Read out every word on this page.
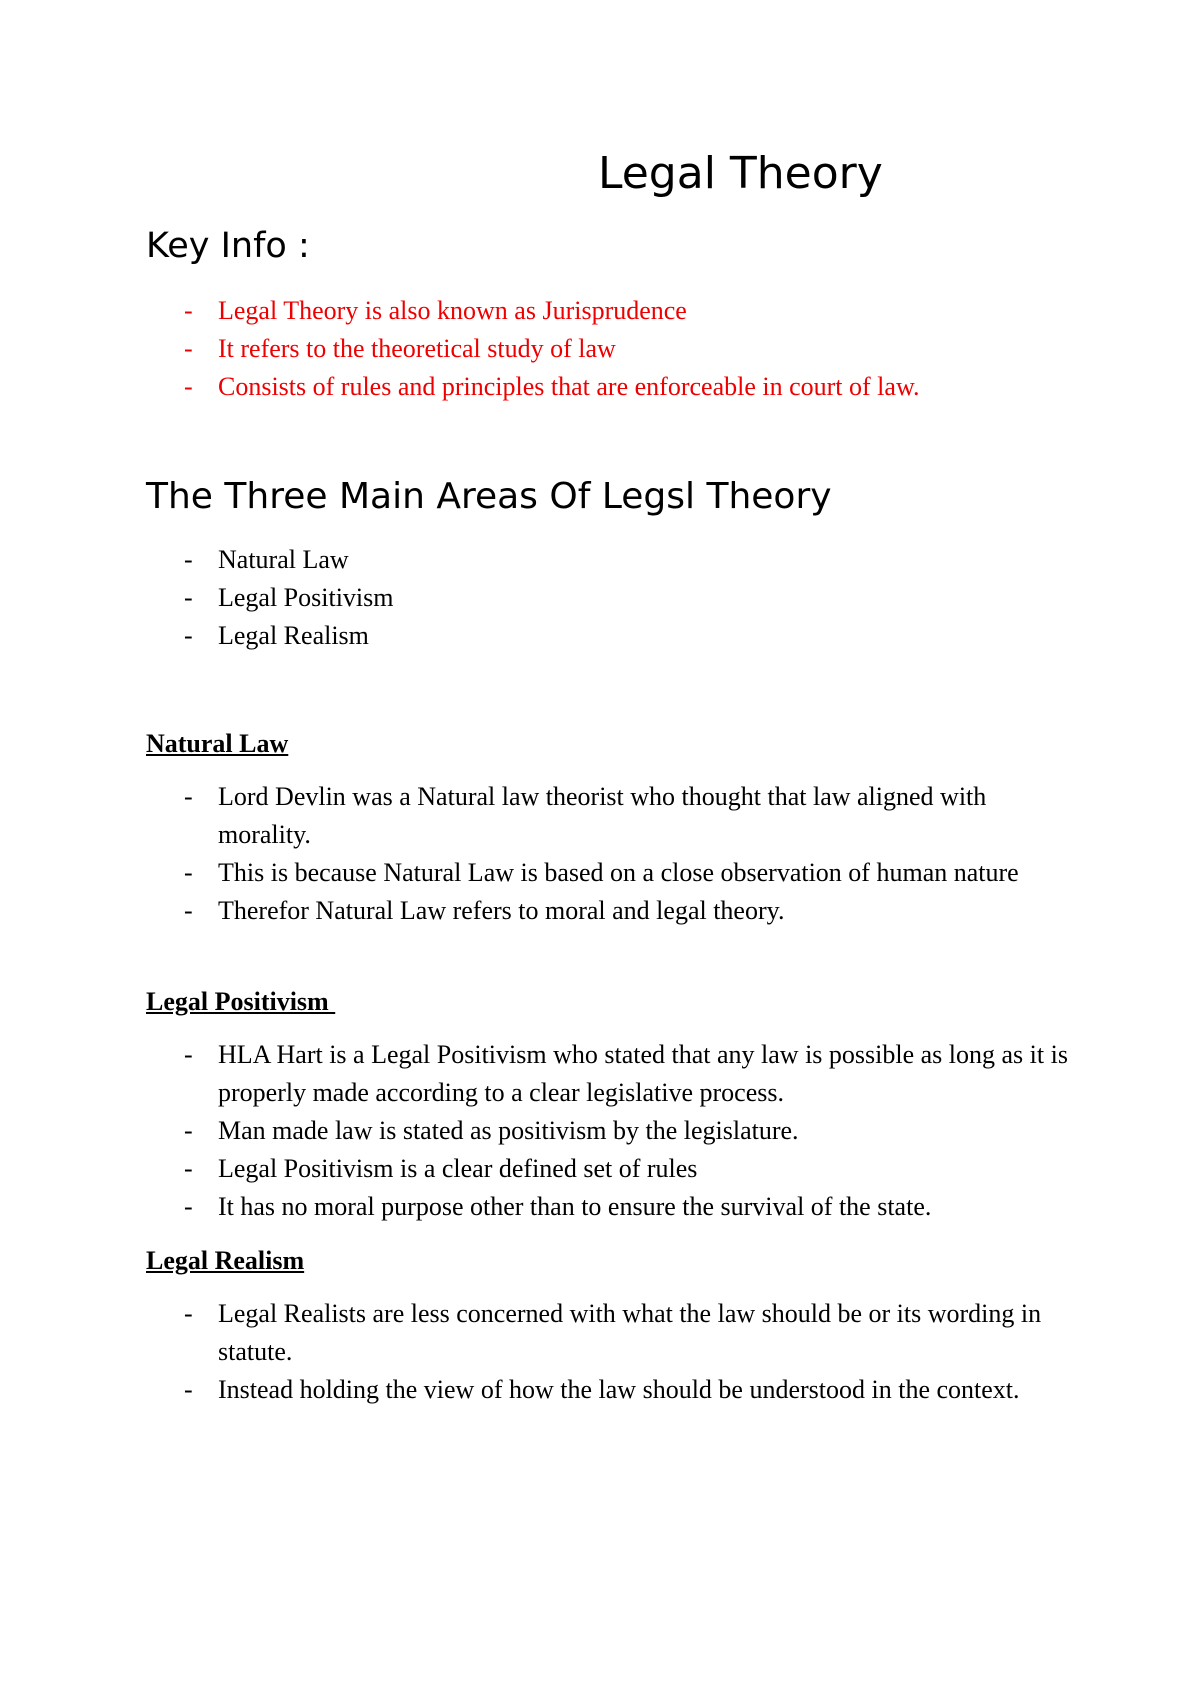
Legal Theory
Key Info :
- Legal Theory is also known as Jurisprudence
- It refers to the theoretical study of law
- Consists of rules and principles that are enforceable in court of law.
The Three Main Areas Of Legsl Theory
- Natural Law
- Legal Positivism
- Legal Realism
Natural Law
- Lord Devlin was a Natural law theorist who thought that law aligned with morality.
- This is because Natural Law is based on a close observation of human nature
- Therefor Natural Law refers to moral and legal theory.
Legal Positivism
- HLA Hart is a Legal Positivism who stated that any law is possible as long as it is properly made according to a clear legislative process.
- Man made law is stated as positivism by the legislature.
- Legal Positivism is a clear defined set of rules
- It has no moral purpose other than to ensure the survival of the state.
Legal Realism
- Legal Realists are less concerned with what the law should be or its wording in statute.
- Instead holding the view of how the law should be understood in the context.
